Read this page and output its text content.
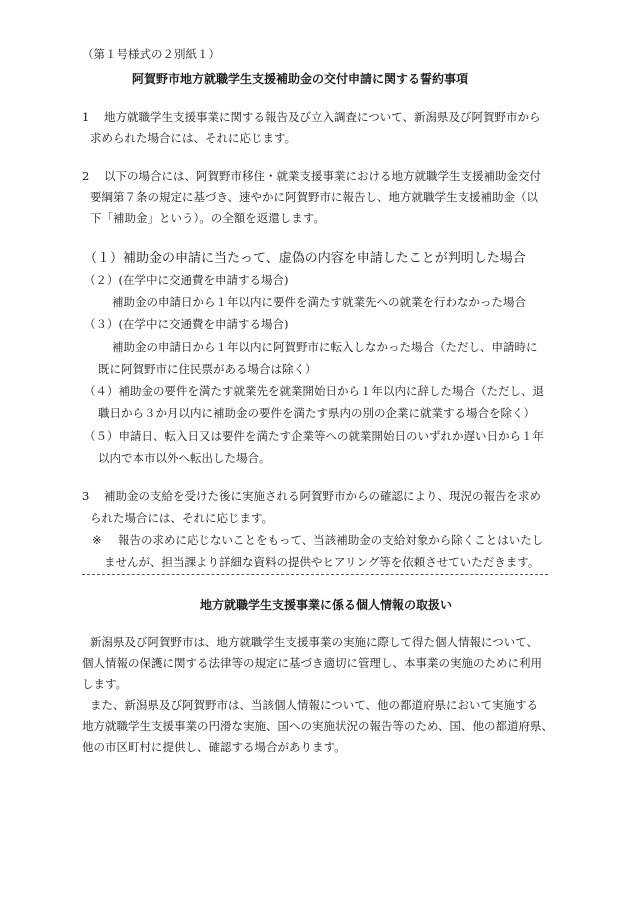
（第１号様式の２別紙１）
阿賀野市地方就職学生支援補助金の交付申請に関する誓約事項
1 地方就職学生支援事業に関する報告及び立入調査について、新潟県及び阿賀野市から
求められた場合には、それに応じます。
2 以下の場合には、阿賀野市移住・就業支援事業における地方就職学生支援補助金交付
要綱第７条の規定に基づき、速やかに阿賀野市に報告し、地方就職学生支援補助金（以
下「補助金」という）。の全額を返還します。
（１）補助金の申請に当たって、虚偽の内容を申請したことが判明した場合
（２）(在学中に交通費を申請する場合)
補助金の申請日から１年以内に要件を満たす就業先への就業を行わなかった場合
（３）(在学中に交通費を申請する場合)
補助金の申請日から１年以内に阿賀野市に転入しなかった場合（ただし、申請時に
既に阿賀野市に住民票がある場合は除く）
（４）補助金の要件を満たす就業先を就業開始日から１年以内に辞した場合（ただし、退
職日から３か月以内に補助金の要件を満たす県内の別の企業に就業する場合を除く）
（５）申請日、転入日又は要件を満たす企業等への就業開始日のいずれか遅い日から１年
以内で本市以外へ転出した場合。
3 補助金の支給を受けた後に実施される阿賀野市からの確認により、現況の報告を求め
られた場合には、それに応じます。
※ 報告の求めに応じないことをもって、当該補助金の支給対象から除くことはいたし
ませんが、担当課より詳細な資料の提供やヒアリング等を依頼させていただきます。
地方就職学生支援事業に係る個人情報の取扱い
新潟県及び阿賀野市は、地方就職学生支援事業の実施に際して得た個人情報について、
個人情報の保護に関する法律等の規定に基づき適切に管理し、本事業の実施のために利用
します。
また、新潟県及び阿賀野市は、当該個人情報について、他の都道府県において実施する
地方就職学生支援事業の円滑な実施、国への実施状況の報告等のため、国、他の都道府県、
他の市区町村に提供し、確認する場合があります。
